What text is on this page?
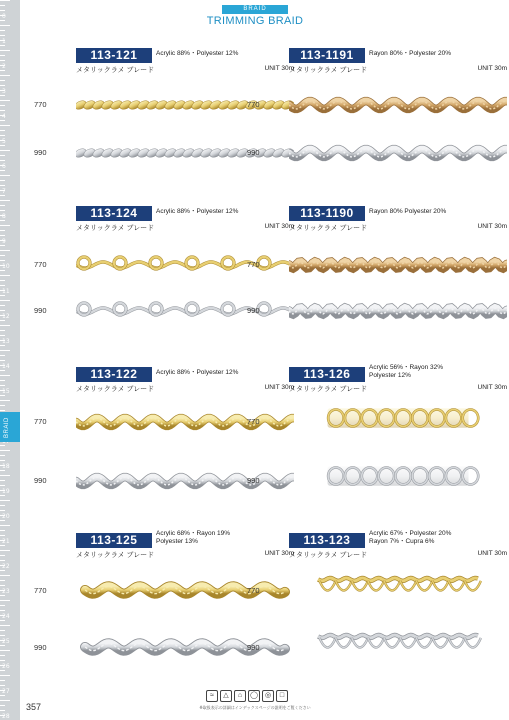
0
1
2
3
4
5
6
7
8
9
10
11
12
13
14
15
18
19
20
21
22
23
24
25
26
27
28
BRAID
BRAID
TRIMMING BRAID
113-121
メタリックラメ ブレード
Acrylic 88%・Polyester 12%
UNIT 30m
770
990
113-1191
メタリックラメ ブレード
Rayon 80%・Polyester 20%
UNIT 30m
770
990
113-124
メタリックラメ ブレード
Acrylic 88%・Polyester 12%
UNIT 30m
770
990
113-1190
メタリックラメ ブレード
Rayon 80% Polyester 20%
UNIT 30m
770
990
113-122
メタリックラメ ブレード
Acrylic 88%・Polyester 12%
UNIT 30m
770
990
113-126
メタリックラメ ブレード
Acrylic 56%・Rayon 32%
Polyester 12%
UNIT 30m
770
990
113-125
メタリックラメ ブレード
Acrylic 68%・Rayon 19%
Polyester 13%
UNIT 30m
770
990
113-123
メタリックラメ ブレード
Acrylic 67%・Polyester 20%
Rayon 7%・Cupra 6%
UNIT 30m
770
990
≈	△	⌂	◯	◎	□
※取扱表示の詳細はインデックスページの説明をご覧ください
357
